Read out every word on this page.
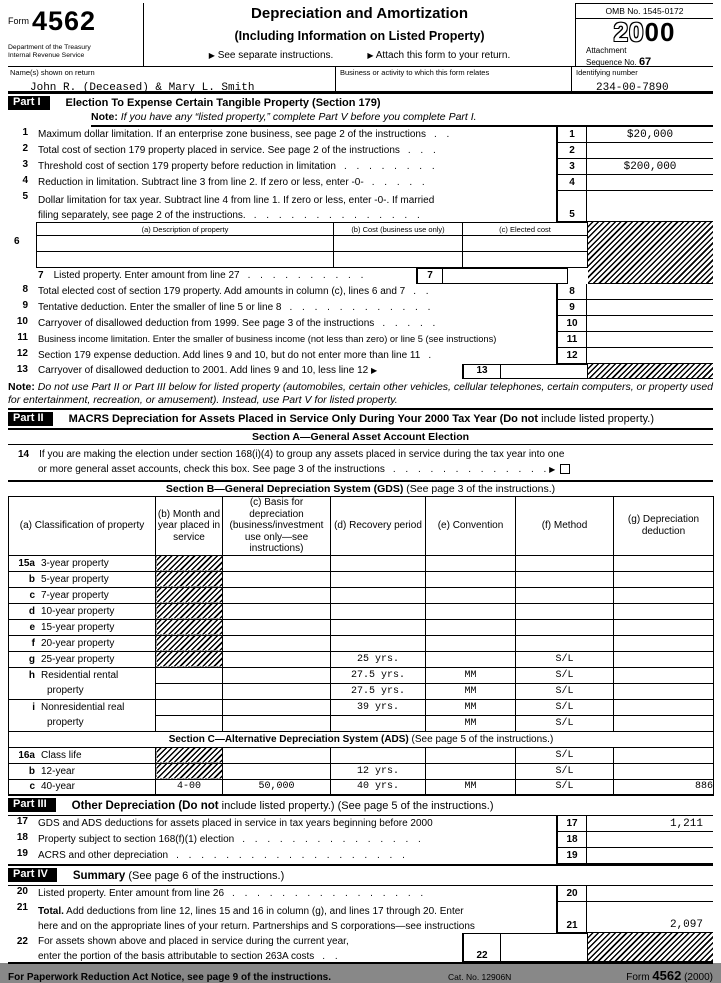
$^{Form}$ 4562
Department of the Treasury
Internal Revenue Service
Depreciation and Amortization
(Including Information on Listed Property)
▶ See separate instructions.	▶ Attach this form to your return.
OMB No. 1545-0172
2000
Attachment
Sequence No. 67
Name(s) shown on return
John R. (Deceased) & Mary L. Smith
Business or activity to which this form relates	Identifying number
234-00-7890
Part I	Election To Expense Certain Tangible Property (Section 179)
Note: If you have any “listed property,” complete Part V before you complete Part I.
1	Maximum dollar limitation. If an enterprise zone business, see page 2 of the instructions . .	1	$20,000
2	Total cost of section 179 property placed in service. See page 2 of the instructions . . .	2
3	Threshold cost of section 179 property before reduction in limitation . . . . . . . .	3	$200,000
4	Reduction in limitation. Subtract line 3 from line 2. If zero or less, enter -0- . . . . .	4
5	Dollar limitation for tax year. Subtract line 4 from line 1. If zero or less, enter -0-. If married
filing separately, see page 2 of the instructions. . . . . . . . . . . . . . .	5
(a) Description of property	(b) Cost (business use only)	(c) Elected cost
6
7 Listed property. Enter amount from line 27 . . . . . . . . . .	7
8	Total elected cost of section 179 property. Add amounts in column (c), lines 6 and 7 . .	8
9	Tentative deduction. Enter the smaller of line 5 or line 8 . . . . . . . . . . . .	9
10	Carryover of disallowed deduction from 1999. See page 3 of the instructions . . . . .	10
11	Business income limitation. Enter the smaller of business income (not less than zero) or line 5 (see instructions)	11
12	Section 179 expense deduction. Add lines 9 and 10, but do not enter more than line 11 .	12
13	Carryover of disallowed deduction to 2001. Add lines 9 and 10, less line 12 ▶	13
Note: Do not use Part II or Part III below for listed property (automobiles, certain other vehicles, cellular telephones, certain computers, or property used for entertainment, recreation, or amusement). Instead, use Part V for listed property.
Part II	MACRS Depreciation for Assets Placed in Service Only During Your 2000 Tax Year (Do not include listed property.)
Section A—General Asset Account Election
14 If you are making the election under section 168(i)(4) to group any assets placed in service during the tax year into one
or more general asset accounts, check this box. See page 3 of the instructions . . . . . . . . . . . . . ▶
Section B—General Depreciation System (GDS) (See page 3 of the instructions.)
(a) Classification of property	(b) Month and year placed in service	(c) Basis for depreciation (business/investment use only—see instructions)	(d) Recovery period	(e) Convention	(f) Method	(g) Depreciation deduction
15a 3-year property						
b 5-year property						
c 7-year property						
d 10-year property						
e 15-year property						
f 20-year property						
g 25-year property			25 yrs.		S/L	
h Residential rental
property			27.5 yrs.	MM	S/L	
			27.5 yrs.	MM	S/L	
i Nonresidential real
property			39 yrs.	MM	S/L	
				MM	S/L	
Section C—Alternative Depreciation System (ADS) (See page 5 of the instructions.)						
16a Class life					S/L	
b 12-year			12 yrs.		S/L	
c 40-year	4-00	50,000	40 yrs.	MM	S/L	886
Part III	Other Depreciation (Do not include listed property.) (See page 5 of the instructions.)
17	GDS and ADS deductions for assets placed in service in tax years beginning before 2000	17	1,211
18	Property subject to section 168(f)(1) election . . . . . . . . . . . . . . .	18
19	ACRS and other depreciation . . . . . . . . . . . . . . . . . . .	19
Part IV	Summary (See page 6 of the instructions.)
20	Listed property. Enter amount from line 26 . . . . . . . . . . . . . . . .	20
21	Total. Add deductions from line 12, lines 15 and 16 in column (g), and lines 17 through 20. Enter
here and on the appropriate lines of your return. Partnerships and S corporations—see instructions	21	2,097
22	For assets shown above and placed in service during the current year,
enter the portion of the basis attributable to section 263A costs . .	22
For Paperwork Reduction Act Notice, see page 9 of the instructions.	Cat. No. 12906N	Form 4562 (2000)
